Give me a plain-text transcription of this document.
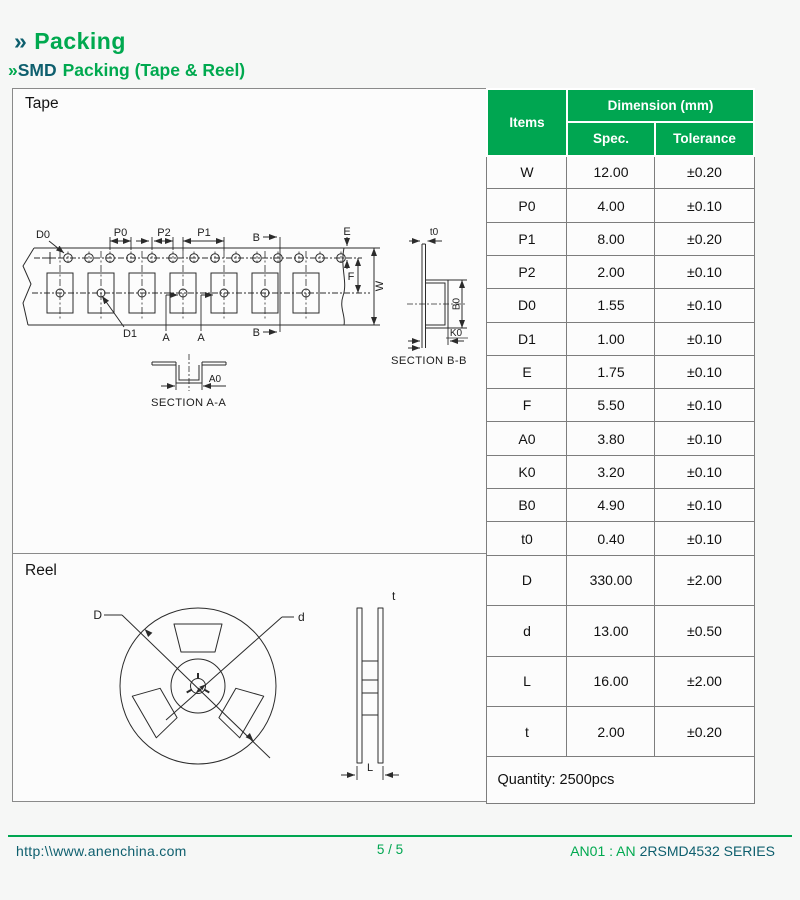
» Packing
»SMD Packing (Tape & Reel)
Tape
D0	P0	P2 P1	B
B
E
F
W
D1 A	A
A0
SECTION A-A
t0
B0
K0
SECTION B-B
Reel
D	d
t
L
Items	Dimension (mm)	
	Spec.	Tolerance
W	12.00	±0.20
P0	4.00	±0.10
P1	8.00	±0.20
P2	2.00	±0.10
D0	1.55	±0.10
D1	1.00	±0.10
E	1.75	±0.10
F	5.50	±0.10
A0	3.80	±0.10
K0	3.20	±0.10
B0	4.90	±0.10
t0	0.40	±0.10
D	330.00	±2.00
d	13.00	±0.50
L	16.00	±2.00
t	2.00	±0.20
Quantity: 2500pcs		
http:\\www.anenchina.com	5 / 5	AN01 : AN 2RSMD4532 SERIES
